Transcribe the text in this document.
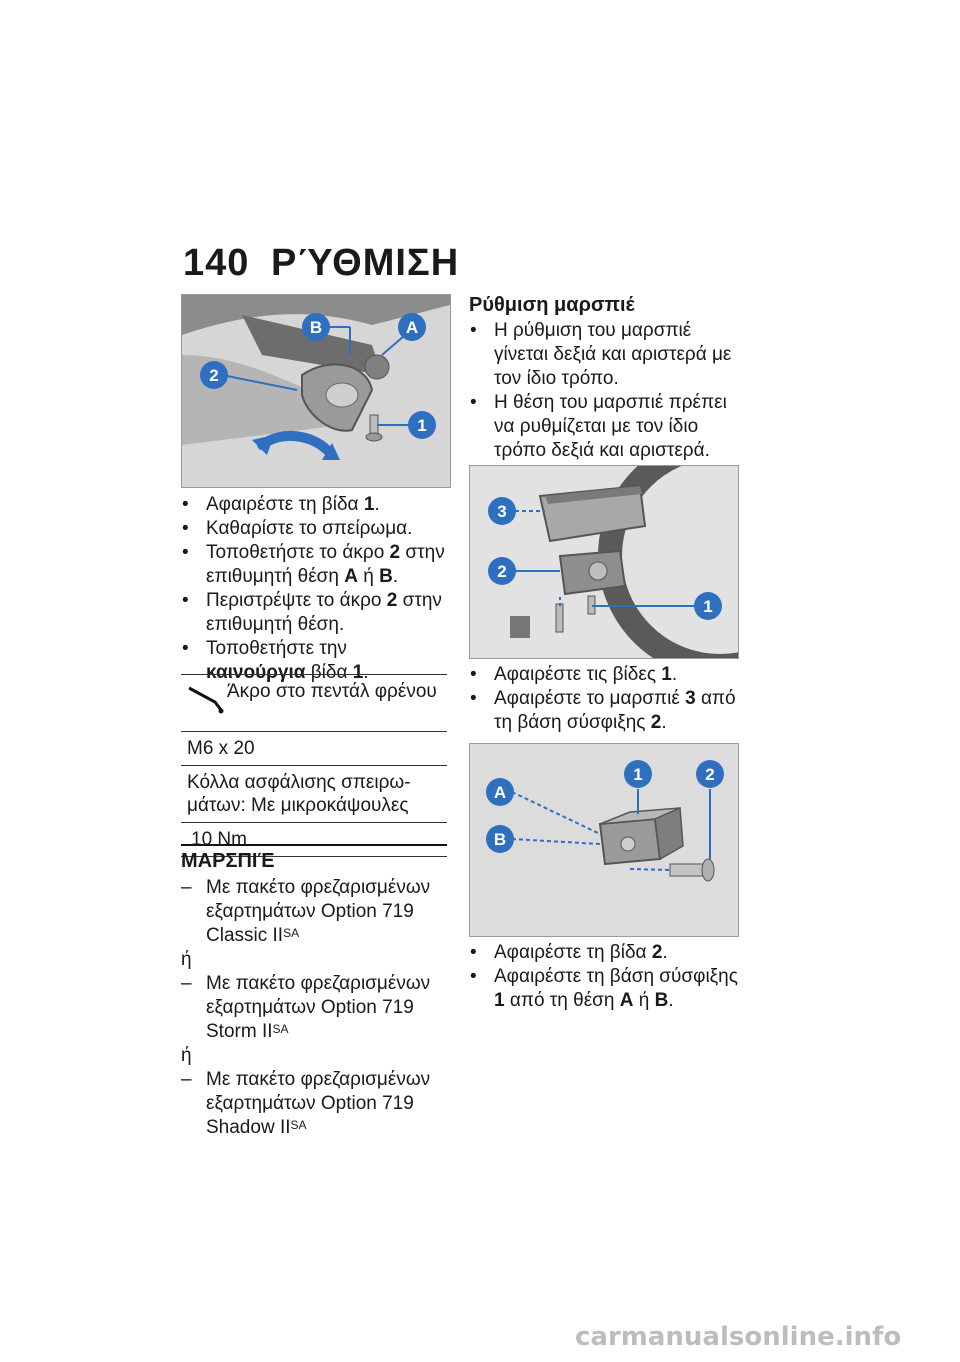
140 ΡΎΘΜΙΣΗ
B	A
2
1
• Αφαιρέστε τη βίδα 1.
• Καθαρίστε το σπείρωμα.
• Τοποθετήστε το άκρο 2 στην επιθυμητή θέση A ή B.
• Περιστρέψτε το άκρο 2 στην επιθυμητή θέση.
• Τοποθετήστε την καινούργια βίδα 1.
Άκρο στο πεντάλ φρένου
M6 x 20
Κόλλα ασφάλισης σπειρω-μάτων: Με μικροκάψουλες
10 Nm
ΜΑΡΣΠΙΈ
– Με πακέτο φρεζαρισμένων εξαρτημάτων Option 719 Classic $II^{SA}$
ή
– Με πακέτο φρεζαρισμένων εξαρτημάτων Option 719 Storm $II^{SA}$
ή
– Με πακέτο φρεζαρισμένων εξαρτημάτων Option 719 Shadow $II^{SA}$
Ρύθμιση μαρσπιέ
• Η ρύθμιση του μαρσπιέ γίνεται δεξιά και αριστερά με τον ίδιο τρόπο.
• Η θέση του μαρσπιέ πρέπει να ρυθμίζεται με τον ίδιο τρόπο δεξιά και αριστερά.
3
2
1
• Αφαιρέστε τις βίδες 1.
• Αφαιρέστε το μαρσπιέ 3 από τη βάση σύσφιξης 2.
A
B
1	2
• Αφαιρέστε τη βίδα 2.
• Αφαιρέστε τη βάση σύσφιξης 1 από τη θέση A ή B.
carmanualsonline.info
